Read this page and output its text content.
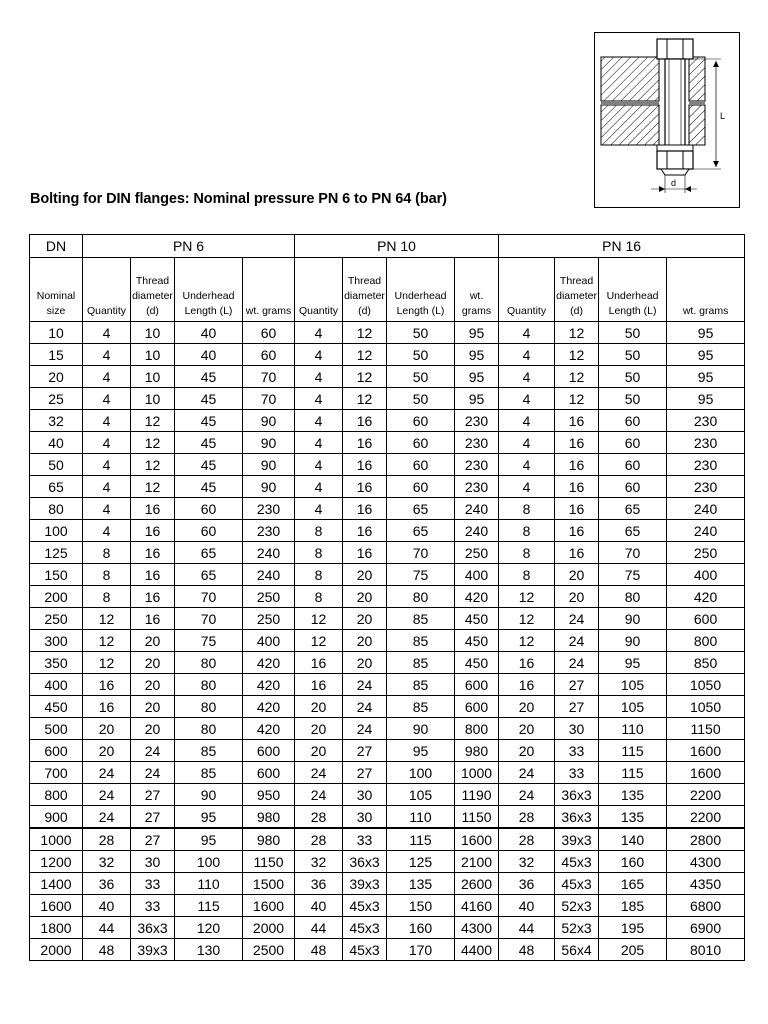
L
d
Bolting for DIN flanges: Nominal pressure PN 6 to PN 64 (bar)
DN	PN 6				PN 10				PN 16			
Nominal size	Quantity	Thread diameter (d)	Underhead Length (L)	wt. grams	Quantity	Thread diameter (d)	Underhead Length (L)	wt. grams	Quantity	Thread diameter (d)	Underhead Length (L)	wt. grams
10	4	10	40	60	4	12	50	95	4	12	50	95
15	4	10	40	60	4	12	50	95	4	12	50	95
20	4	10	45	70	4	12	50	95	4	12	50	95
25	4	10	45	70	4	12	50	95	4	12	50	95
32	4	12	45	90	4	16	60	230	4	16	60	230
40	4	12	45	90	4	16	60	230	4	16	60	230
50	4	12	45	90	4	16	60	230	4	16	60	230
65	4	12	45	90	4	16	60	230	4	16	60	230
80	4	16	60	230	4	16	65	240	8	16	65	240
100	4	16	60	230	8	16	65	240	8	16	65	240
125	8	16	65	240	8	16	70	250	8	16	70	250
150	8	16	65	240	8	20	75	400	8	20	75	400
200	8	16	70	250	8	20	80	420	12	20	80	420
250	12	16	70	250	12	20	85	450	12	24	90	600
300	12	20	75	400	12	20	85	450	12	24	90	800
350	12	20	80	420	16	20	85	450	16	24	95	850
400	16	20	80	420	16	24	85	600	16	27	105	1050
450	16	20	80	420	20	24	85	600	20	27	105	1050
500	20	20	80	420	20	24	90	800	20	30	110	1150
600	20	24	85	600	20	27	95	980	20	33	115	1600
700	24	24	85	600	24	27	100	1000	24	33	115	1600
800	24	27	90	950	24	30	105	1190	24	36x3	135	2200
900	24	27	95	980	28	30	110	1150	28	36x3	135	2200
1000	28	27	95	980	28	33	115	1600	28	39x3	140	2800
1200	32	30	100	1150	32	36x3	125	2100	32	45x3	160	4300
1400	36	33	110	1500	36	39x3	135	2600	36	45x3	165	4350
1600	40	33	115	1600	40	45x3	150	4160	40	52x3	185	6800
1800	44	36x3	120	2000	44	45x3	160	4300	44	52x3	195	6900
2000	48	39x3	130	2500	48	45x3	170	4400	48	56x4	205	8010
